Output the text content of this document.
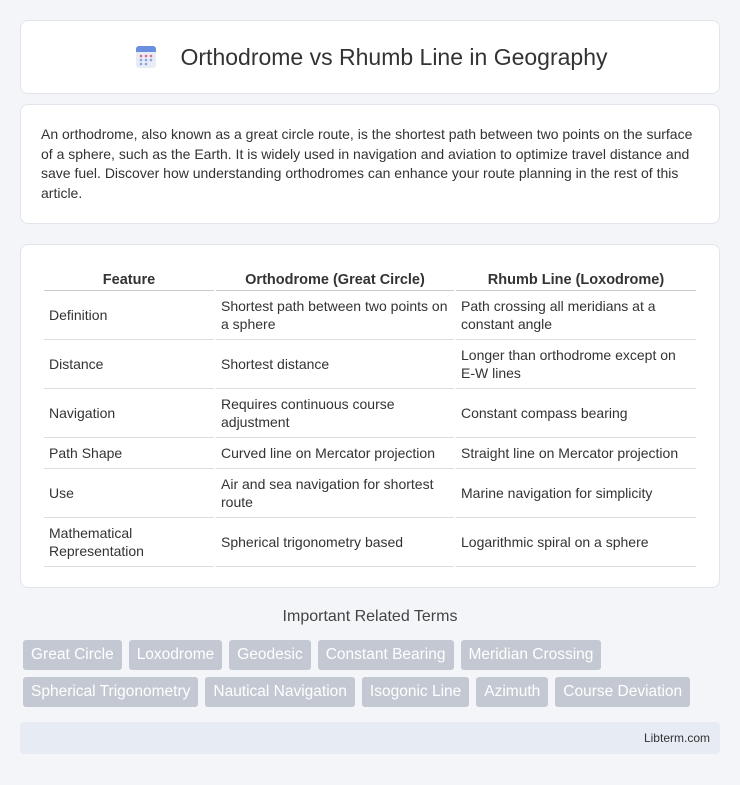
Orthodrome vs Rhumb Line in Geography

An orthodrome, also known as a great circle route, is the shortest path between two points on the surface of a sphere, such as the Earth. It is widely used in navigation and aviation to optimize travel distance and save fuel. Discover how understanding orthodromes can enhance your route planning in the rest of this article.

Feature	Orthodrome (Great Circle)	Rhumb Line (Loxodrome)
Definition	Shortest path between two points on a sphere	Path crossing all meridians at a constant angle
Distance	Shortest distance	Longer than orthodrome except on E-W lines
Navigation	Requires continuous course adjustment	Constant compass bearing
Path Shape	Curved line on Mercator projection	Straight line on Mercator projection
Use	Air and sea navigation for shortest route	Marine navigation for simplicity
Mathematical Representation	Spherical trigonometry based	Logarithmic spiral on a sphere
Important Related Terms
Great Circle	Loxodrome	Geodesic	Constant Bearing	Meridian Crossing
Spherical Trigonometry	Nautical Navigation	Isogonic Line	Azimuth	Course Deviation
Libterm.com
